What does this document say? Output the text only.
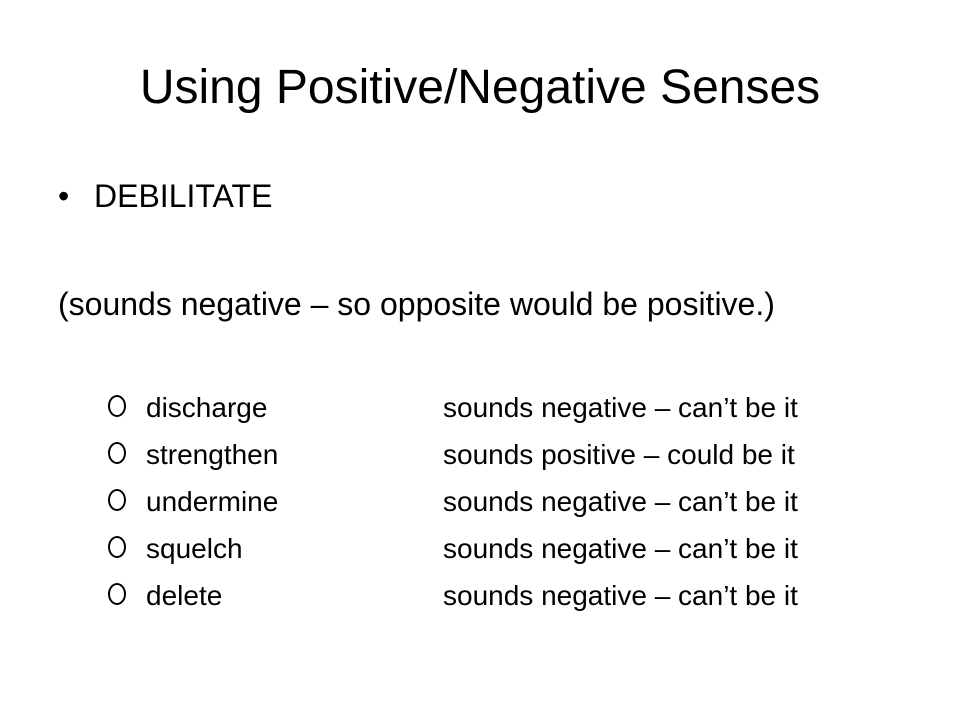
Using Positive/Negative Senses
• DEBILITATE
(sounds negative – so opposite would be positive.)
discharge	sounds negative – can’t be it
strengthen	sounds positive – could be it
undermine	sounds negative – can’t be it
squelch	sounds negative – can’t be it
delete	sounds negative – can’t be it
